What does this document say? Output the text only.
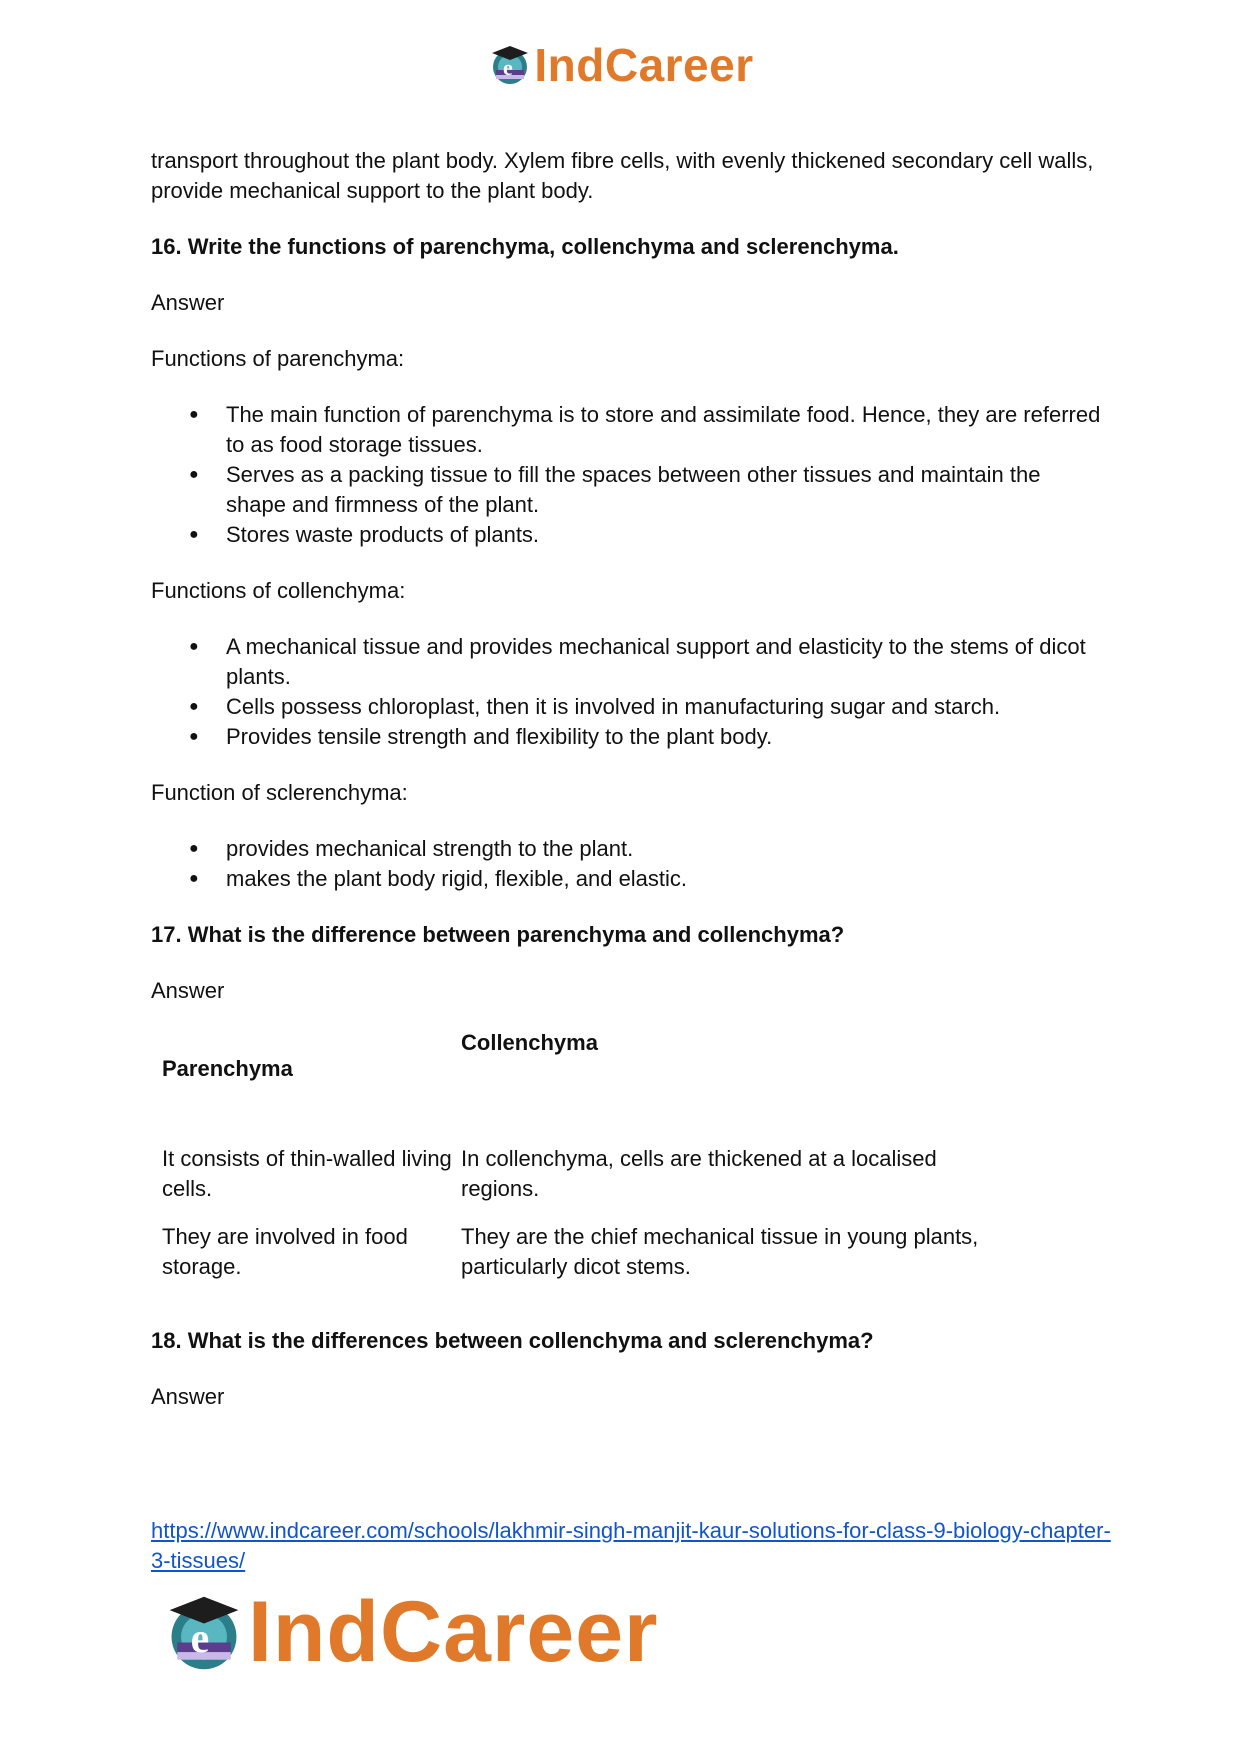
e IndCareer

transport throughout the plant body. Xylem fibre cells, with evenly thickened secondary cell walls, provide mechanical support to the plant body.

16. Write the functions of parenchyma, collenchyma and sclerenchyma.

Answer

Functions of parenchyma:

● The main function of parenchyma is to store and assimilate food. Hence, they are referred to as food storage tissues.
● Serves as a packing tissue to fill the spaces between other tissues and maintain the shape and firmness of the plant.
● Stores waste products of plants.

Functions of collenchyma:

● A mechanical tissue and provides mechanical support and elasticity to the stems of dicot plants.
● Cells possess chloroplast, then it is involved in manufacturing sugar and starch.
● Provides tensile strength and flexibility to the plant body.

Function of sclerenchyma:

● provides mechanical strength to the plant.
● makes the plant body rigid, flexible, and elastic.

17. What is the difference between parenchyma and collenchyma?

Answer

Parenchyma	Collenchyma

It consists of thin-walled living cells.	In collenchyma, cells are thickened at a localised regions.
They are involved in food storage.	They are the chief mechanical tissue in young plants, particularly dicot stems.

18. What is the differences between collenchyma and sclerenchyma?

Answer

https://www.indcareer.com/schools/lakhmir-singh-manjit-kaur-solutions-for-class-9-biology-chapter-3-tissues/
e IndCareer
